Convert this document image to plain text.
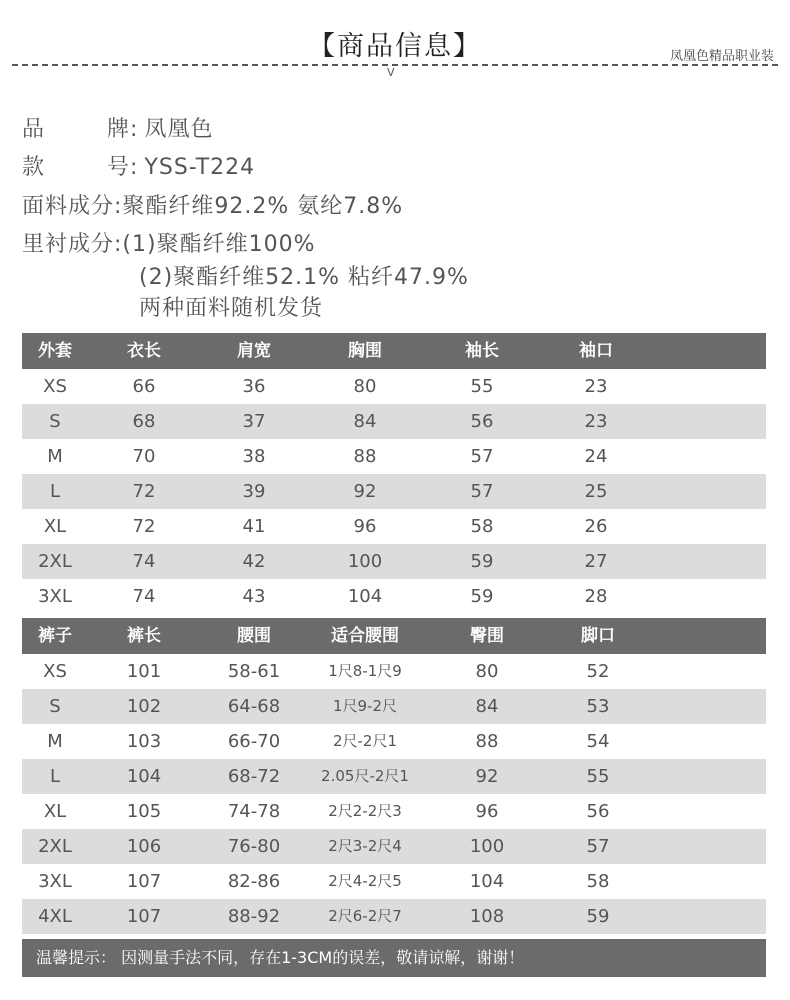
【商品信息】	凤凰色精品职业装
V
品	牌: 凤凰色
款	号: YSS-T224
面料成分:聚酯纤维92.2% 氨纶7.8%
里衬成分:(1)聚酯纤维100%
(2)聚酯纤维52.1% 粘纤47.9%
两种面料随机发货
外套	衣长	肩宽	胸围	袖长	袖口
XS	66	36	80	55	23
S	68	37	84	56	23
M	70	38	88	57	24
L	72	39	92	57	25
XL	72	41	96	58	26
2XL	74	42	100	59	27
3XL	74	43	104	59	28
裤子	裤长	腰围	适合腰围	臀围	脚口
XS	101	58-61	1尺8-1尺9	80	52
S	102	64-68	1尺9-2尺	84	53
M	103	66-70	2尺-2尺1	88	54
L	104	68-72	2.05尺-2尺1	92	55
XL	105	74-78	2尺2-2尺3	96	56
2XL	106	76-80	2尺3-2尺4	100	57
3XL	107	82-86	2尺4-2尺5	104	58
4XL	107	88-92	2尺6-2尺7	108	59
温馨提示： 因测量手法不同，存在1-3CM的误差，敬请谅解，谢谢！
